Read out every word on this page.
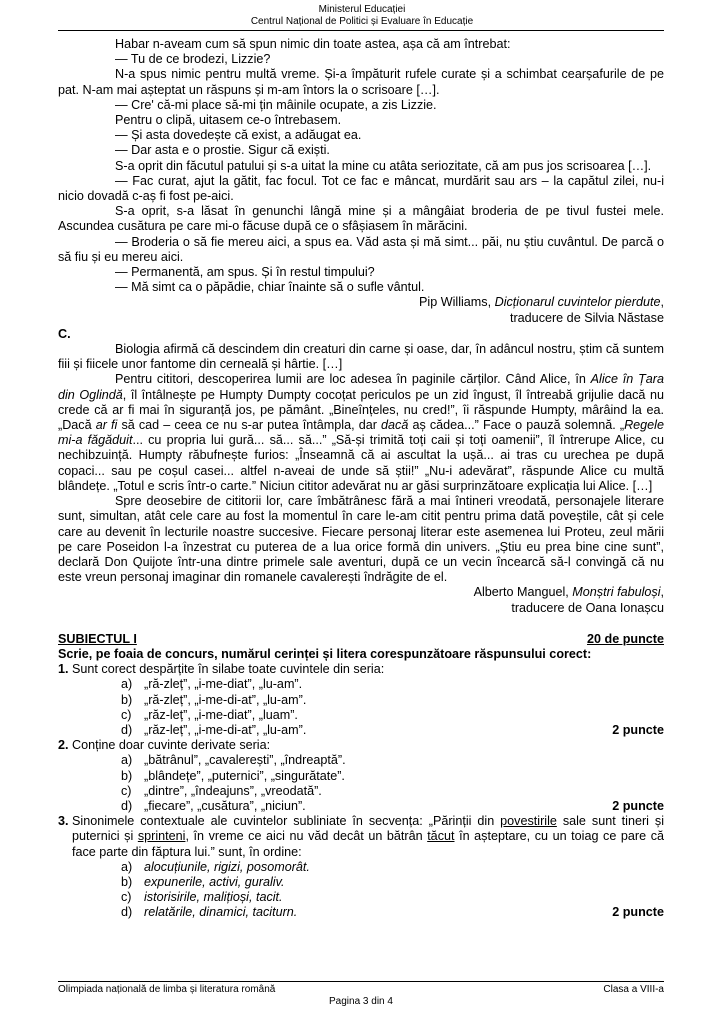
Ministerul Educației
Centrul Național de Politici și Evaluare în Educație

Habar n-aveam cum să spun nimic din toate astea, așa că am întrebat:

— Tu de ce brodezi, Lizzie?

N-a spus nimic pentru multă vreme. Și-a împăturit rufele curate și a schimbat cearșafurile de pe pat. N-am mai așteptat un răspuns și m-am întors la o scrisoare […].

— Cre' că-mi place să-mi țin mâinile ocupate, a zis Lizzie.

Pentru o clipă, uitasem ce-o întrebasem.

— Și asta dovedește că exist, a adăugat ea.

— Dar asta e o prostie. Sigur că exiști.

S-a oprit din făcutul patului și s-a uitat la mine cu atâta seriozitate, că am pus jos scrisoarea […].

— Fac curat, ajut la gătit, fac focul. Tot ce fac e mâncat, murdărit sau ars – la capătul zilei, nu-i nicio dovadă c-aș fi fost pe-aici.

S-a oprit, s-a lăsat în genunchi lângă mine și a mângâiat broderia de pe tivul fustei mele. Ascundea cusătura pe care mi-o făcuse după ce o sfâșiasem în mărăcini.

— Broderia o să fie mereu aici, a spus ea. Văd asta și mă simt... păi, nu știu cuvântul. De parcă o să fiu și eu mereu aici.

— Permanentă, am spus. Și în restul timpului?

— Mă simt ca o păpădie, chiar înainte să o sufle vântul.

Pip Williams, Dicționarul cuvintelor pierdute,

traducere de Silvia Năstase

C.

Biologia afirmă că descindem din creaturi din carne și oase, dar, în adâncul nostru, știm că suntem fiii și fiicele unor fantome din cerneală și hârtie. […]

Pentru cititori, descoperirea lumii are loc adesea în paginile cărților. Când Alice, în Alice în Țara din Oglindă, îl întâlnește pe Humpty Dumpty cocoțat periculos pe un zid îngust, îl întreabă grijulie dacă nu crede că ar fi mai în siguranță jos, pe pământ. „Bineînțeles, nu cred!”, îi răspunde Humpty, mârâind la ea. „Dacă ar fi să cad – ceea ce nu s-ar putea întâmpla, dar dacă aș cădea...” Face o pauză solemnă. „Regele mi-a făgăduit... cu propria lui gură... să... să...” „Să-și trimită toți caii și toți oamenii”, îl întrerupe Alice, cu nechibzuință. Humpty răbufnește furios: „Înseamnă că ai ascultat la ușă... ai tras cu urechea pe după copaci... sau pe coșul casei... altfel n-aveai de unde să știi!” „Nu-i adevărat”, răspunde Alice cu multă blândețe. „Totul e scris într-o carte.” Niciun cititor adevărat nu ar găsi surprinzătoare explicația lui Alice. […]

Spre deosebire de cititorii lor, care îmbătrânesc fără a mai întineri vreodată, personajele literare sunt, simultan, atât cele care au fost la momentul în care le-am citit pentru prima dată poveștile, cât și cele care au devenit în lecturile noastre succesive. Fiecare personaj literar este asemenea lui Proteu, zeul mării pe care Poseidon l-a înzestrat cu puterea de a lua orice formă din univers. „Știu eu prea bine cine sunt”, declară Don Quijote într-una dintre primele sale aventuri, după ce un vecin încearcă să-l convingă că nu este vreun personaj imaginar din romanele cavalerești îndrăgite de el.

Alberto Manguel, Monștri fabuloși,

traducere de Oana Ionașcu

SUBIECTUL I	20 de puncte

Scrie, pe foaia de concurs, numărul cerinței și litera corespunzătoare răspunsului corect:

1. Sunt corect despărțite în silabe toate cuvintele din seria:
a) „ră-zleț”, „i-me-diat”, „lu-am”.
b) „ră-zleț”, „i-me-di-at”, „lu-am”.
c) „răz-leț”, „i-me-diat”, „luam”.
d) „răz-leț”, „i-me-di-at”, „lu-am”.	2 puncte
2. Conține doar cuvinte derivate seria:
a) „bătrânul”, „cavalerești”, „îndreaptă”.
b) „blândețe”, „puternici”, „singurătate”.
c) „dintre”, „îndeajuns”, „vreodată”.
d) „fiecare”, „cusătura”, „niciun”.	2 puncte
3. Sinonimele contextuale ale cuvintelor subliniate în secvența: „Părinții din povestirile sale sunt tineri și puternici și sprinteni, în vreme ce aici nu văd decât un bătrân tăcut în așteptare, cu un toiag ce pare că face parte din făptura lui.” sunt, în ordine:
a) alocuțiunile, rigizi, posomorât.
b) expunerile, activi, guraliv.
c) istorisirile, malițioși, tacit.
d) relatările, dinamici, taciturn.	2 puncte
Olimpiada națională de limba și literatura română	Clasa a VIII-a
Pagina 3 din 4
